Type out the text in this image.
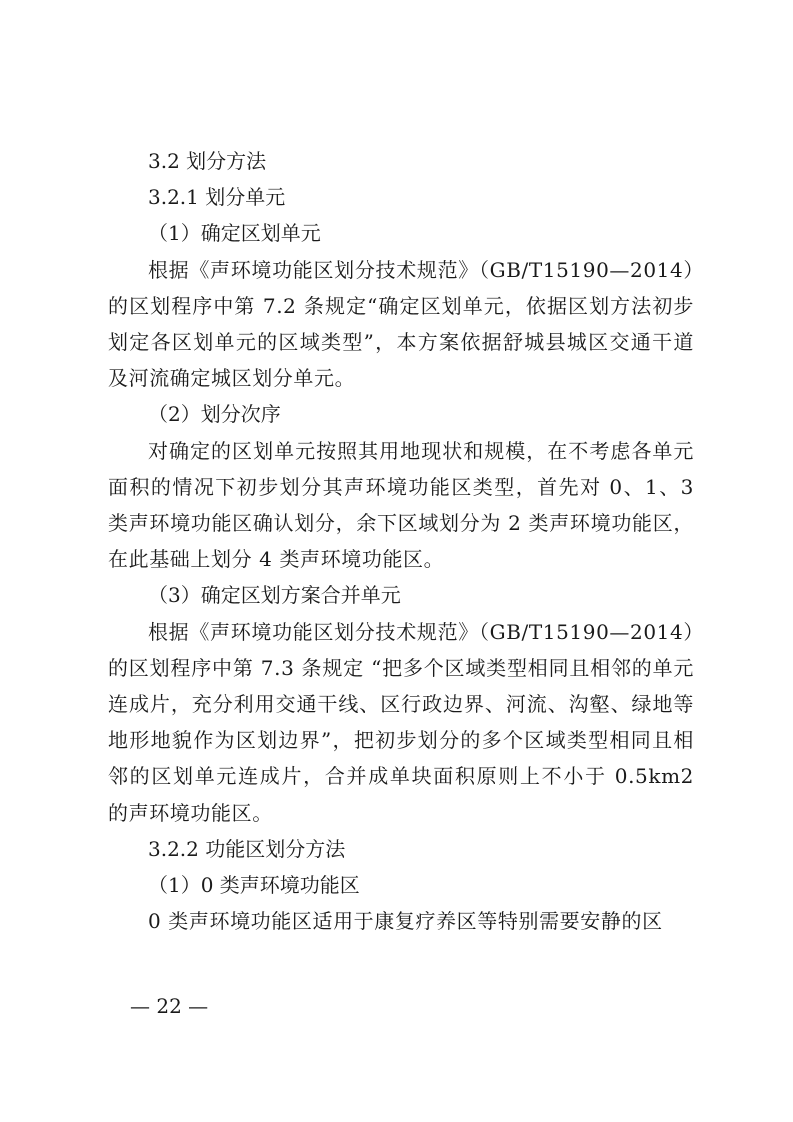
3.2 划分方法
3.2.1 划分单元
（1）确定区划单元

根据《声环境功能区划分技术规范》（GB/T15190—2014）的区划程序中第 7.2 条规定“确定区划单元，依据区划方法初步划定各区划单元的区域类型”，本方案依据舒城县城区交通干道及河流确定城区划分单元。

（2）划分次序

对确定的区划单元按照其用地现状和规模，在不考虑各单元面积的情况下初步划分其声环境功能区类型，首先对 0、1、3 类声环境功能区确认划分，余下区域划分为 2 类声环境功能区，在此基础上划分 4 类声环境功能区。

（3）确定区划方案合并单元

根据《声环境功能区划分技术规范》（GB/T15190—2014）的区划程序中第 7.3 条规定 “把多个区域类型相同且相邻的单元连成片，充分利用交通干线、区行政边界、河流、沟壑、绿地等地形地貌作为区划边界”，把初步划分的多个区域类型相同且相邻的区划单元连成片，合并成单块面积原则上不小于 0.5km2 的声环境功能区。

3.2.2 功能区划分方法
（1）0 类声环境功能区

0 类声环境功能区适用于康复疗养区等特别需要安静的区

— 22 —
